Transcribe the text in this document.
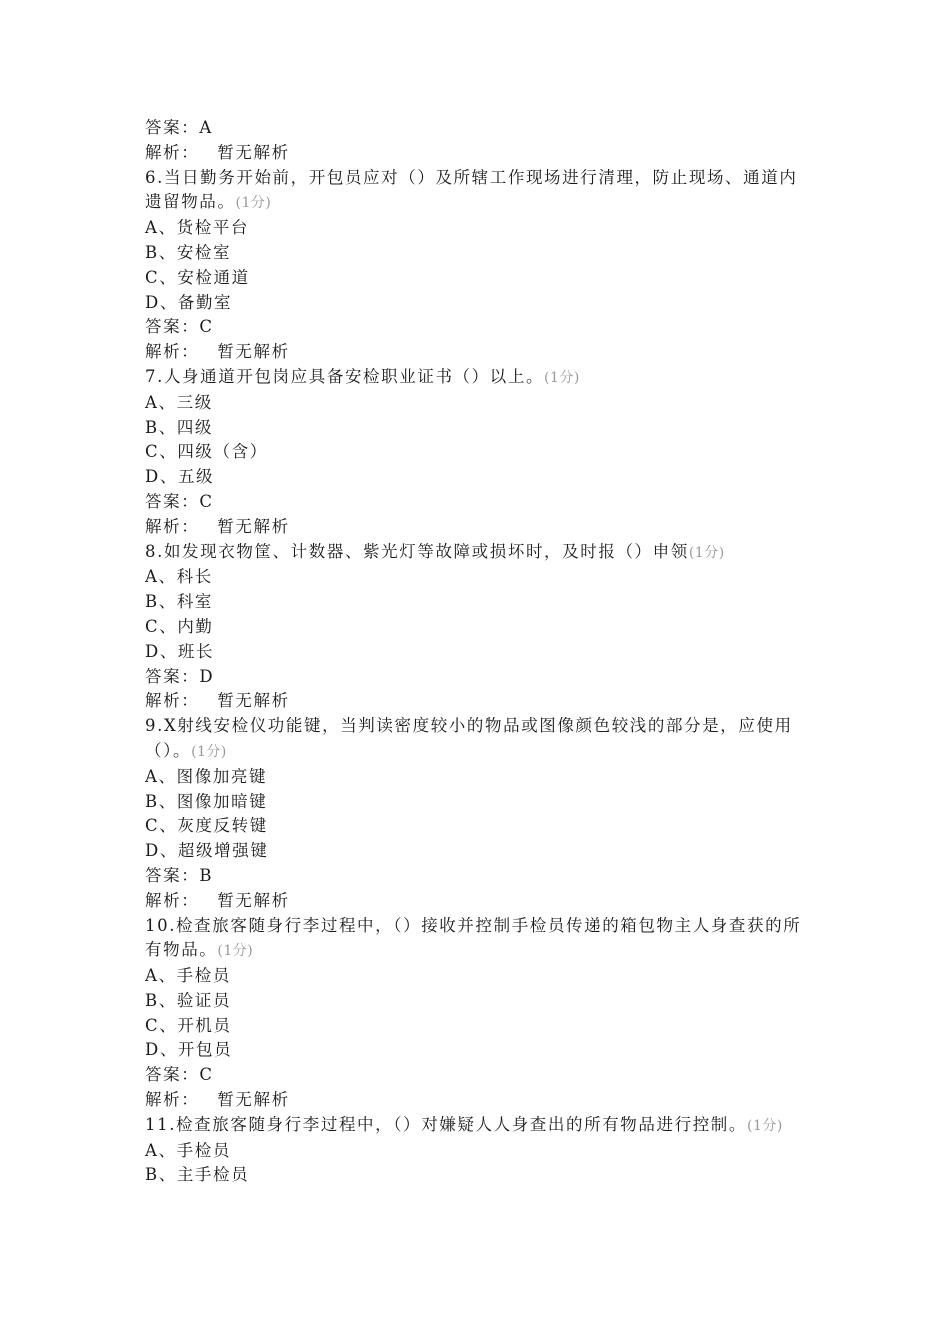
答案：A
解析： 暂无解析
6.当日勤务开始前，开包员应对（）及所辖工作现场进行清理，防止现场、通道内遗留物品。(1分)
A、货检平台
B、安检室
C、安检通道
D、备勤室
答案：C
解析： 暂无解析
7.人身通道开包岗应具备安检职业证书（）以上。(1分)
A、三级
B、四级
C、四级（含）
D、五级
答案：C
解析： 暂无解析
8.如发现衣物筐、计数器、紫光灯等故障或损坏时，及时报（）申领(1分)
A、科长
B、科室
C、内勤
D、班长
答案：D
解析： 暂无解析
9.X射线安检仪功能键，当判读密度较小的物品或图像颜色较浅的部分是，应使用（）。(1分)
A、图像加亮键
B、图像加暗键
C、灰度反转键
D、超级增强键
答案：B
解析： 暂无解析
10.检查旅客随身行李过程中，（）接收并控制手检员传递的箱包物主人身查获的所有物品。(1分)
A、手检员
B、验证员
C、开机员
D、开包员
答案：C
解析： 暂无解析
11.检查旅客随身行李过程中，（）对嫌疑人人身查出的所有物品进行控制。(1分)
A、手检员
B、主手检员
